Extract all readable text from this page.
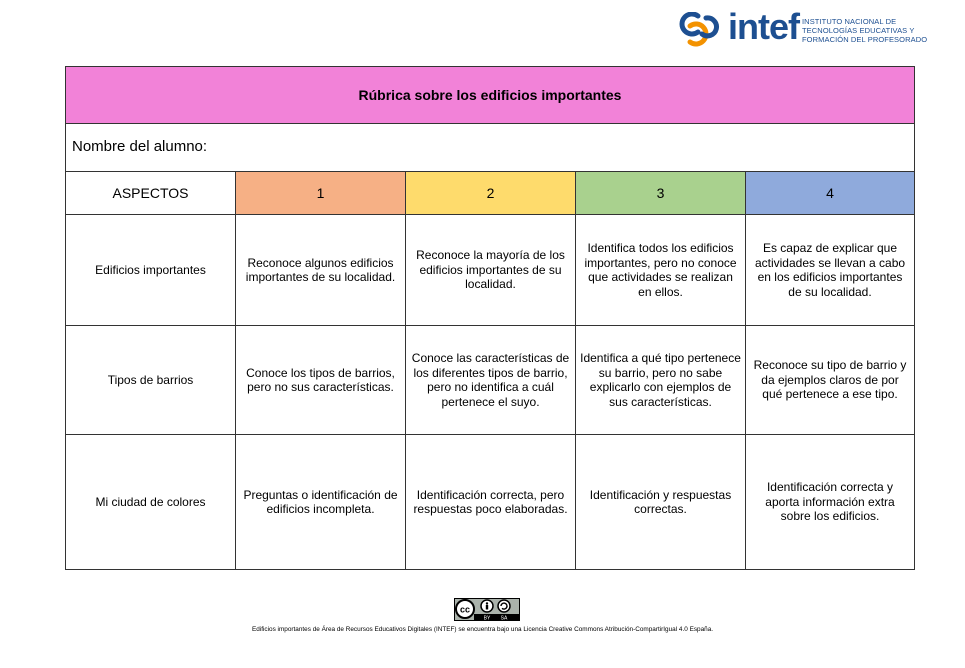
intef INSTITUTO NACIONAL DE
TECNOLOGÍAS EDUCATIVAS Y
FORMACIÓN DEL PROFESORADO
Rúbrica sobre los edificios importantes				
Nombre del alumno:				
ASPECTOS	1	2	3	4
Edificios importantes	Reconoce algunos edificios importantes de su localidad.	Reconoce la mayoría de los edificios importantes de su localidad.	Identifica todos los edificios importantes, pero no conoce que actividades se realizan en ellos.	Es capaz de explicar que actividades se llevan a cabo en los edificios importantes de su localidad.
Tipos de barrios	Conoce los tipos de barrios, pero no sus características.	Conoce las características de los diferentes tipos de barrio, pero no identifica a cuál pertenece el suyo.	Identifica a qué tipo pertenece su barrio, pero no sabe explicarlo con ejemplos de sus características.	Reconoce su tipo de barrio y da ejemplos claros de por qué pertenece a ese tipo.
Mi ciudad de colores	Preguntas o identificación de edificios incompleta.	Identificación correcta, pero respuestas poco elaboradas.	Identificación y respuestas correctas.	Identificación correcta y aporta información extra sobre los edificios.
cc
BY SA
Edificios importantes de Área de Recursos Educativos Digitales (INTEF) se encuentra bajo una Licencia Creative Commons Atribución-CompartirIgual 4.0 España.
